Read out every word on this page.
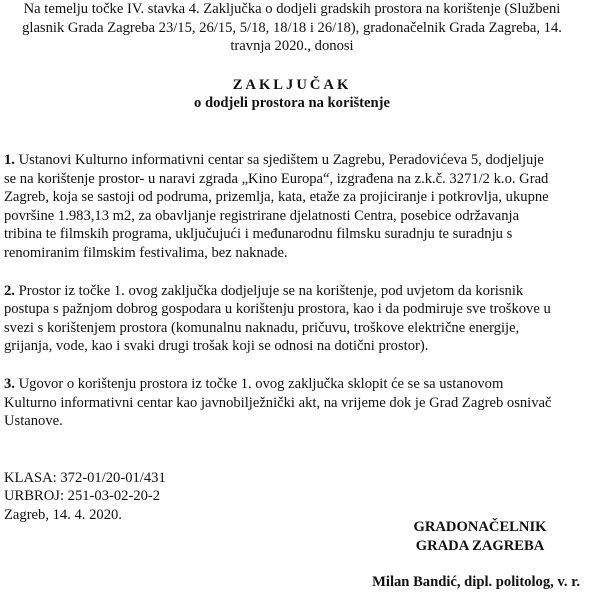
Na temelju točke IV. stavka 4. Zaključka o dodjeli gradskih prostora na korištenje (Službeni
glasnik Grada Zagreba 23/15, 26/15, 5/18, 18/18 i 26/18), gradonačelnik Grada Zagreba, 14.
travnja 2020., donosi
ZAKLJUČAK
o dodjeli prostora na korištenje
1. Ustanovi Kulturno informativni centar sa sjedištem u Zagrebu, Peradovićeva 5, dodjeljuje
se na korištenje prostor- u naravi zgrada „Kino Europa“, izgrađena na z.k.č. 3271/2 k.o. Grad
Zagreb, koja se sastoji od podruma, prizemlja, kata, etaže za projiciranje i potkrovlja, ukupne
površine 1.983,13 m2, za obavljanje registrirane djelatnosti Centra, posebice održavanja
tribina te filmskih programa, uključujući i međunarodnu filmsku suradnju te suradnju s
renomiranim filmskim festivalima, bez naknade.
2. Prostor iz točke 1. ovog zaključka dodjeljuje se na korištenje, pod uvjetom da korisnik
postupa s pažnjom dobrog gospodara u korištenju prostora, kao i da podmiruje sve troškove u
svezi s korištenjem prostora (komunalnu naknadu, pričuvu, troškove električne energije,
grijanja, vode, kao i svaki drugi trošak koji se odnosi na dotični prostor).
3. Ugovor o korištenju prostora iz točke 1. ovog zaključka sklopit će se sa ustanovom
Kulturno informativni centar kao javnobilježnički akt, na vrijeme dok je Grad Zagreb osnivač
Ustanove.
KLASA: 372-01/20-01/431
URBROJ: 251-03-02-20-2
Zagreb, 14. 4. 2020.
GRADONAČELNIK
GRADA ZAGREBA
Milan Bandić, dipl. politolog, v. r.
